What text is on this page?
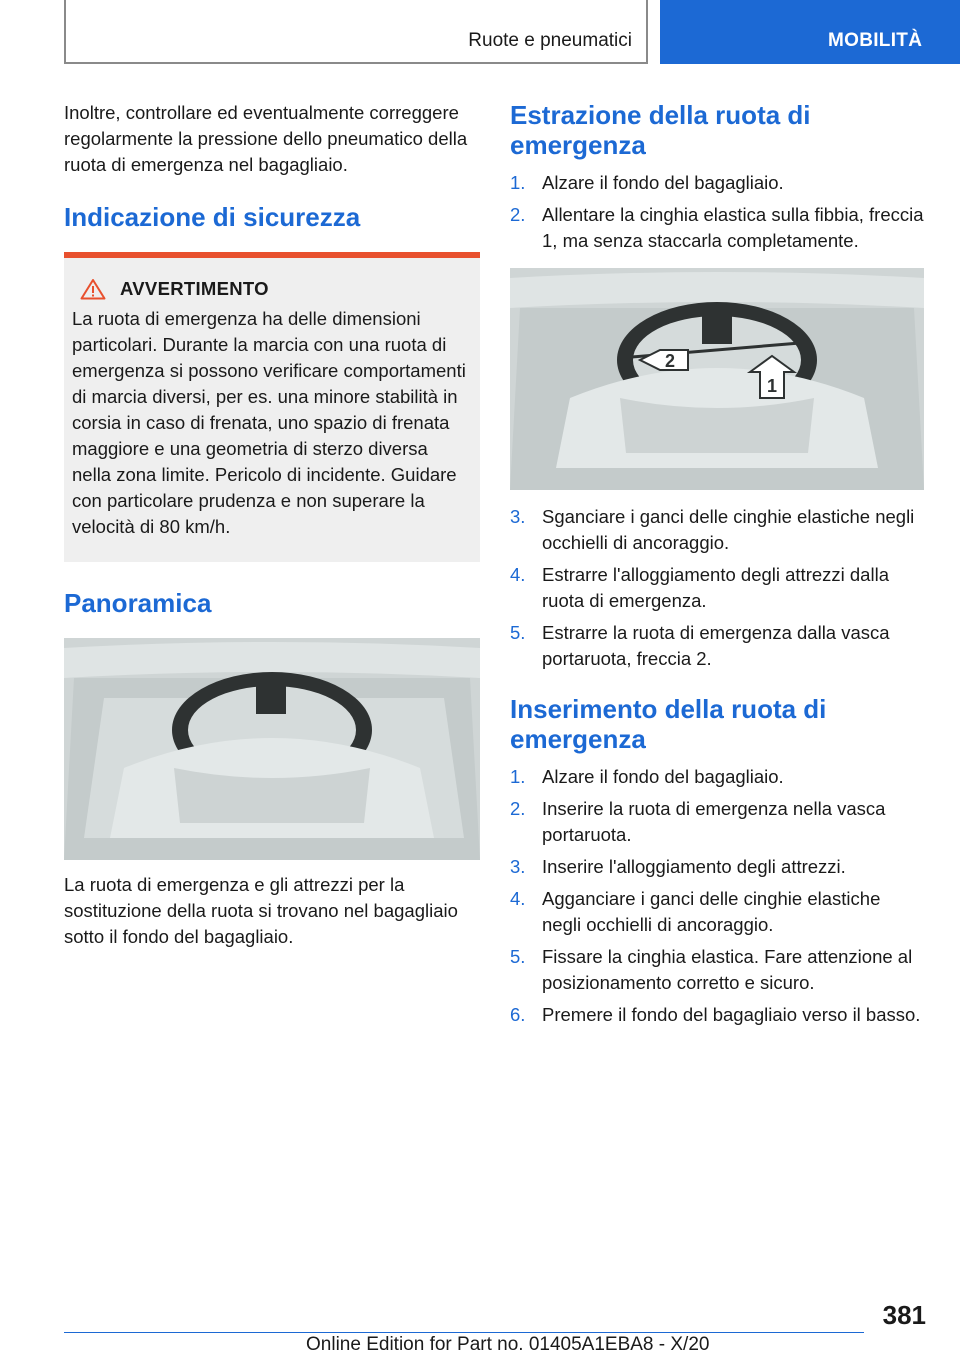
Ruote e pneumatici	MOBILITÀ

Inoltre, controllare ed eventualmente correggere regolarmente la pressione dello pneumatico della ruota di emergenza nel bagagliaio.

Indicazione di sicurezza
AVVERTIMENTO
La ruota di emergenza ha delle dimensioni particolari. Durante la marcia con una ruota di emergenza si possono verificare comportamenti di marcia diversi, per es. una minore stabilità in corsia in caso di frenata, uno spazio di frenata maggiore e una geometria di sterzo diversa nella zona limite. Pericolo di incidente. Guidare con particolare prudenza e non superare la velocità di 80 km/h.
Panoramica

La ruota di emergenza e gli attrezzi per la sostituzione della ruota si trovano nel bagagliaio sotto il fondo del bagagliaio.

Estrazione della ruota di emergenza
1. Alzare il fondo del bagagliaio.
2. Allentare la cinghia elastica sulla fibbia, freccia 1, ma senza staccarla completamente.
1
2
3. Sganciare i ganci delle cinghie elastiche negli occhielli di ancoraggio.
4. Estrarre l'alloggiamento degli attrezzi dalla ruota di emergenza.
5. Estrarre la ruota di emergenza dalla vasca portaruota, freccia 2.
Inserimento della ruota di emergenza
1. Alzare il fondo del bagagliaio.
2. Inserire la ruota di emergenza nella vasca portaruota.
3. Inserire l'alloggiamento degli attrezzi.
4. Agganciare i ganci delle cinghie elastiche negli occhielli di ancoraggio.
5. Fissare la cinghia elastica. Fare attenzione al posizionamento corretto e sicuro.
6. Premere il fondo del bagagliaio verso il basso.
381
Online Edition for Part no. 01405A1EBA8 - X/20
